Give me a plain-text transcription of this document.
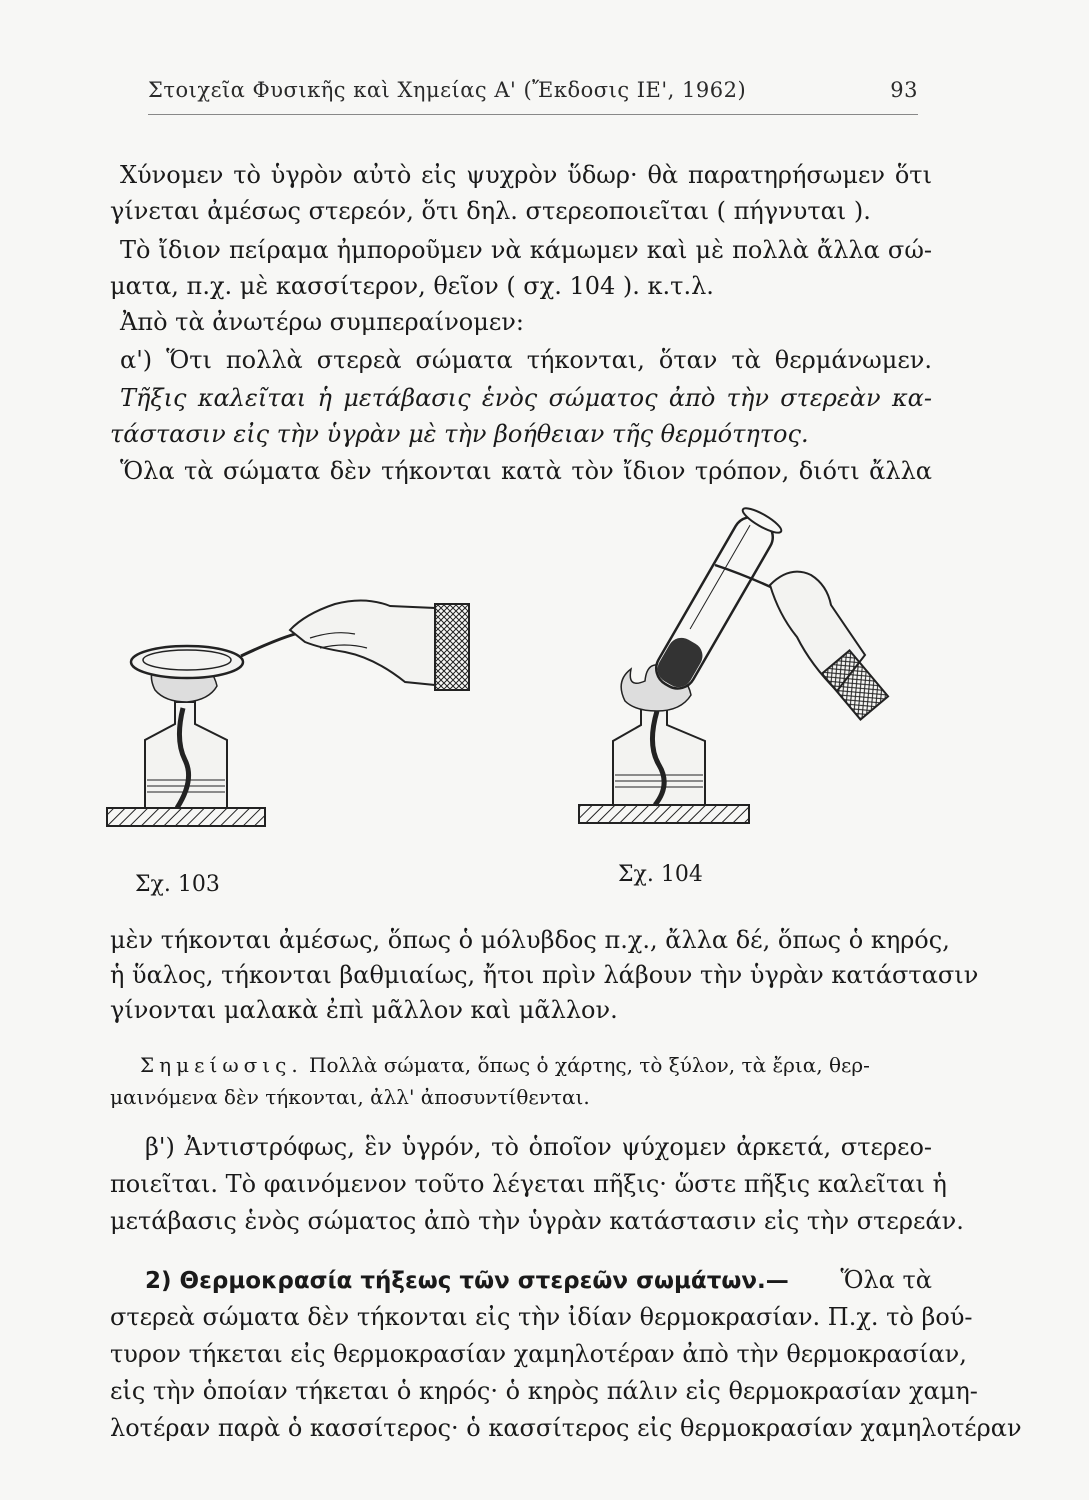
Στοιχεῖα Φυσικῆς καὶ Χημείας Α' (Ἔκδοσις ΙΕ', 1962)	93
Χύνομεν τὸ ὑγρὸν αὐτὸ εἰς ψυχρὸν ὕδωρ· θὰ παρατηρήσωμεν ὅτι
γίνεται ἀμέσως στερεόν, ὅτι δηλ. στερεοποιεῖται ( πήγνυται ).
Τὸ ἴδιον πείραμα ἠμποροῦμεν νὰ κάμωμεν καὶ μὲ πολλὰ ἄλλα σώ-
ματα, π.χ. μὲ κασσίτερον, θεῖον ( σχ. 104 ). κ.τ.λ.
Ἀπὸ τὰ ἀνωτέρω συμπεραίνομεν:
α') Ὅτι πολλὰ στερεὰ σώματα τήκονται, ὅταν τὰ θερμάνωμεν.
Τῆξις καλεῖται ἡ μετάβασις ἑνὸς σώματος ἀπὸ τὴν στερεὰν κα-
τάστασιν εἰς τὴν ὑγρὰν μὲ τὴν βοήθειαν τῆς θερμότητος.
Ὅλα τὰ σώματα δὲν τήκονται κατὰ τὸν ἴδιον τρόπον, διότι ἄλλα
Σχ. 103	Σχ. 104
μὲν τήκονται ἀμέσως, ὅπως ὁ μόλυβδος π.χ., ἄλλα δέ, ὅπως ὁ κηρός,
ἡ ὕαλος, τήκονται βαθμιαίως, ἤτοι πρὶν λάβουν τὴν ὑγρὰν κατάστασιν
γίνονται μαλακὰ ἐπὶ μᾶλλον καὶ μᾶλλον.
Σημείωσις. Πολλὰ σώματα, ὅπως ὁ χάρτης, τὸ ξύλον, τὰ ἔρια, θερ-
μαινόμενα δὲν τήκονται, ἀλλ' ἀποσυντίθενται.
β') Ἀντιστρόφως, ἓν ὑγρόν, τὸ ὁποῖον ψύχομεν ἀρκετά, στερεο-
ποιεῖται. Τὸ φαινόμενον τοῦτο λέγεται πῆξις· ὥστε πῆξις καλεῖται ἡ
μετάβασις ἑνὸς σώματος ἀπὸ τὴν ὑγρὰν κατάστασιν εἰς τὴν στερεάν.
2) Θερμοκρασία τήξεως τῶν στερεῶν σωμάτων.— Ὅλα τὰ
στερεὰ σώματα δὲν τήκονται εἰς τὴν ἰδίαν θερμοκρασίαν. Π.χ. τὸ βού-
τυρον τήκεται εἰς θερμοκρασίαν χαμηλοτέραν ἀπὸ τὴν θερμοκρασίαν,
εἰς τὴν ὁποίαν τήκεται ὁ κηρός· ὁ κηρὸς πάλιν εἰς θερμοκρασίαν χαμη-
λοτέραν παρὰ ὁ κασσίτερος· ὁ κασσίτερος εἰς θερμοκρασίαν χαμηλοτέραν
